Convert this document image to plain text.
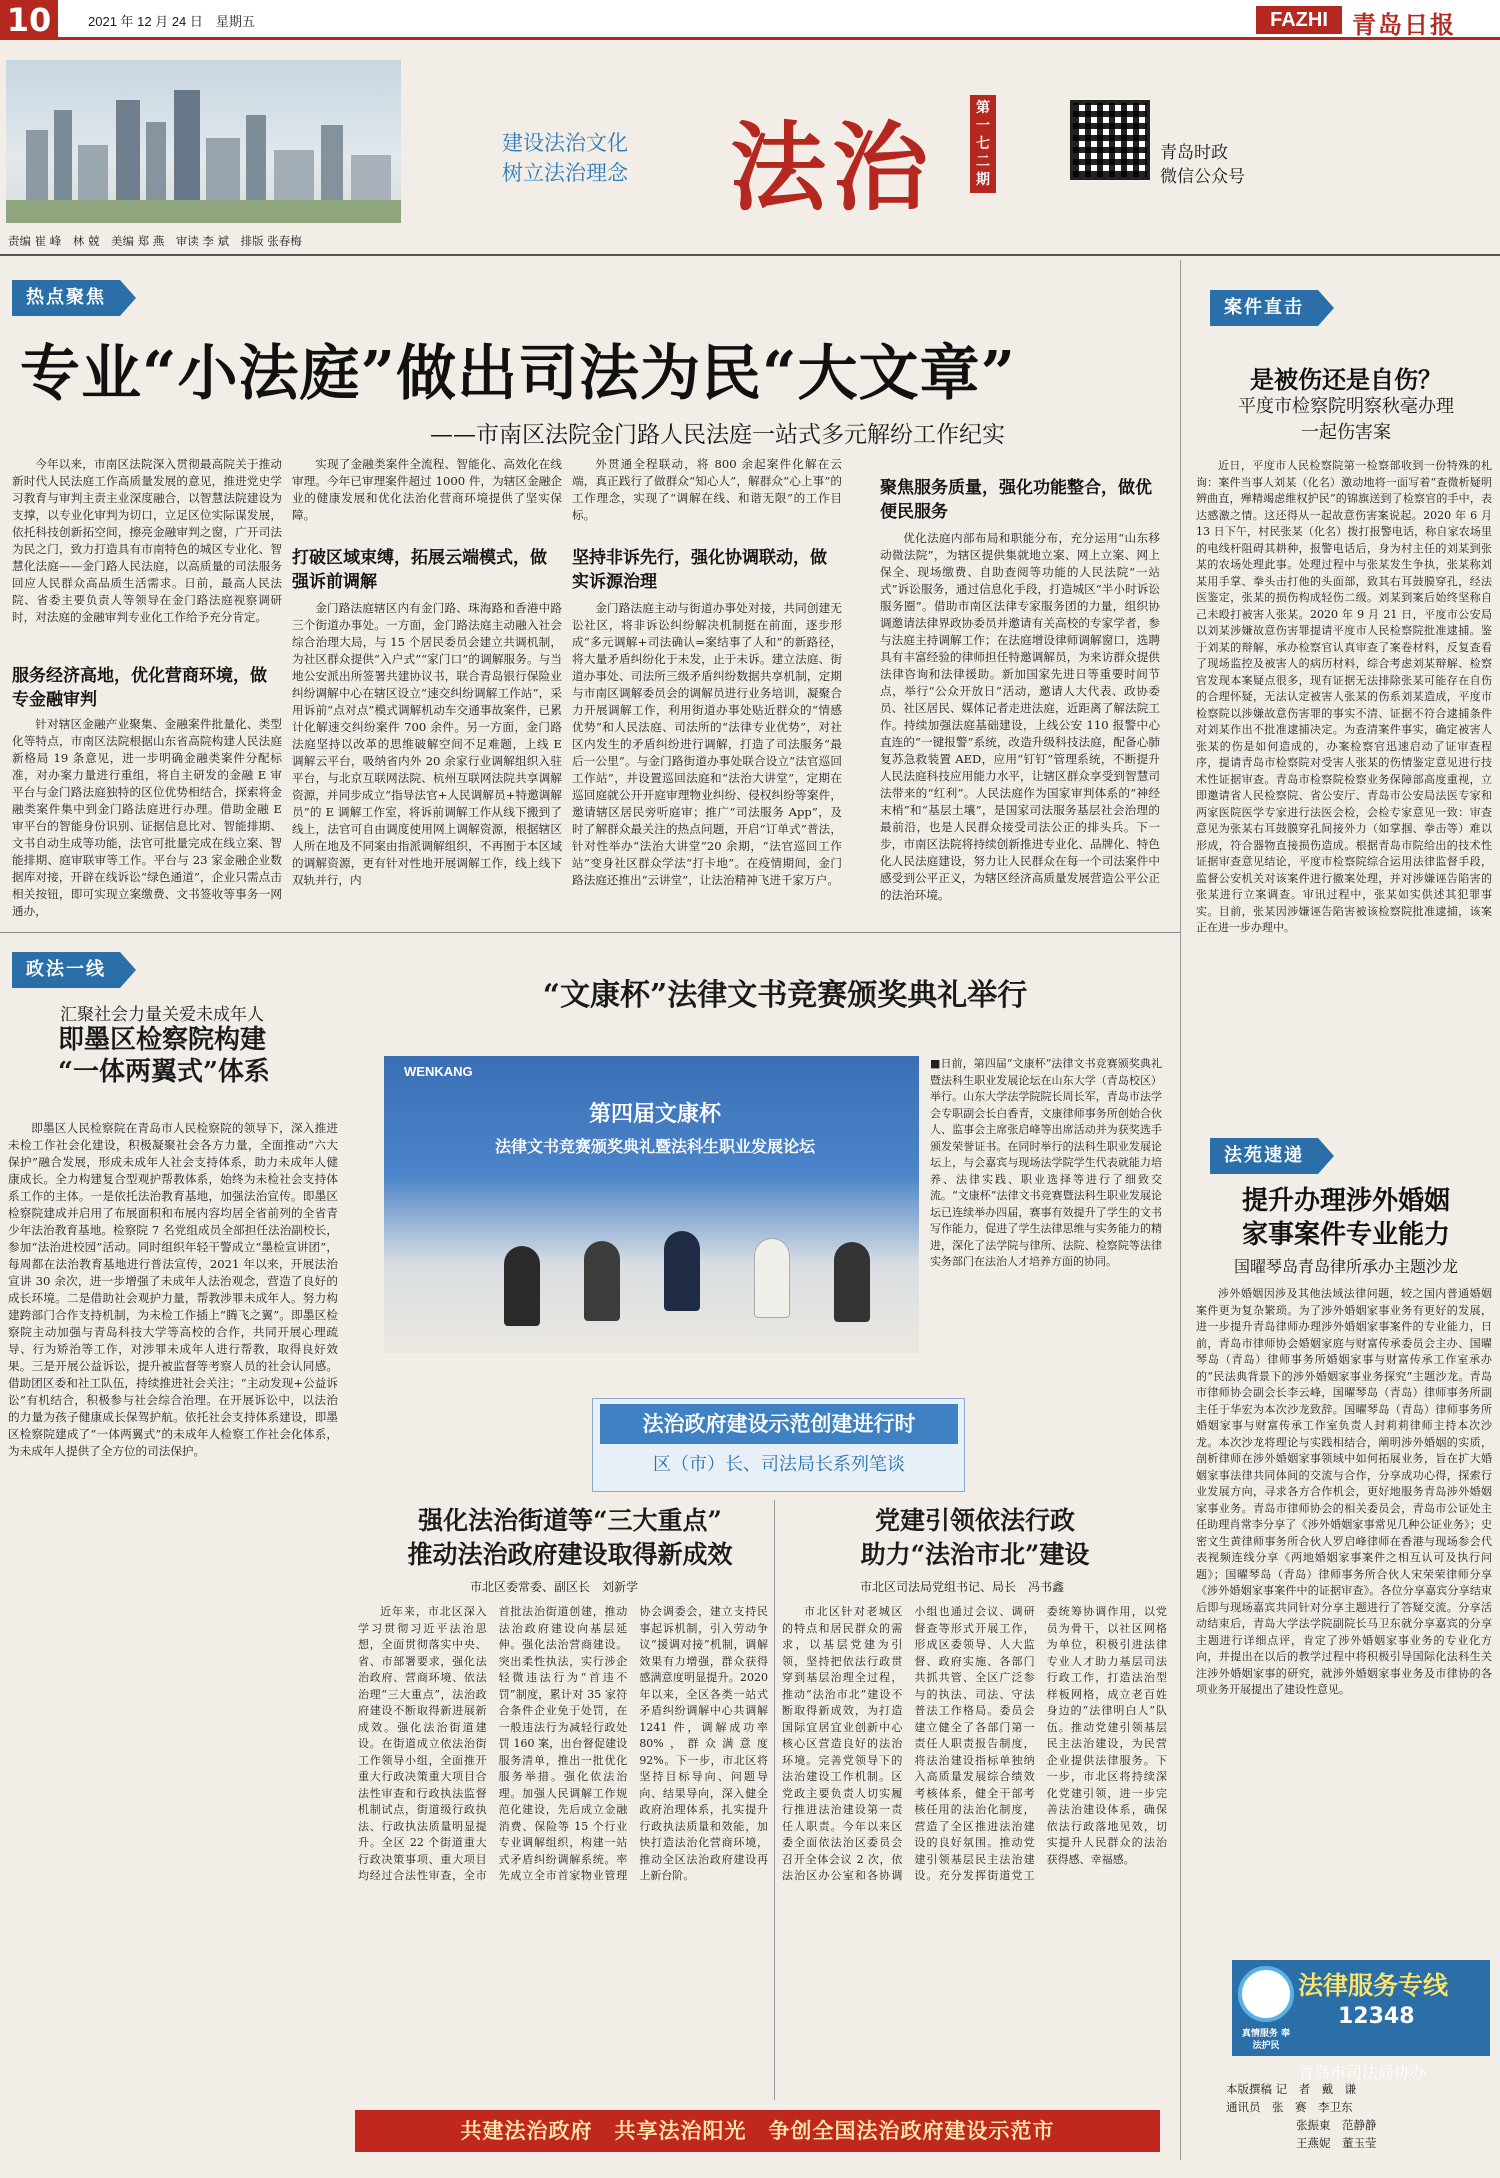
10	2021 年 12 月 24 日　星期五	FAZHI	青岛日报
建设法治文化
树立法治理念 法治
第一七二期
青岛时政
微信公众号
责编 崔 峰　林 兢　美编 郑 燕　审读 李 斌　排版 张春梅
热点聚焦
专业“小法庭”做出司法为民“大文章”
——市南区法院金门路人民法庭一站式多元解纷工作纪实
今年以来，市南区法院深入贯彻最高院关于推动新时代人民法庭工作高质量发展的意见，推进党史学习教育与审判主责主业深度融合，以智慧法院建设为支撑，以专业化审判为切口，立足区位实际谋发展，依托科技创新拓空间，擦亮金融审判之窗，广开司法为民之门，致力打造具有市南特色的城区专业化、智慧化法庭——金门路人民法庭，以高质量的司法服务回应人民群众高品质生活需求。日前，最高人民法院、省委主要负责人等领导在金门路法庭视察调研时，对法庭的金融审判专业化工作给予充分肯定。
服务经济高地，优化营商环境，做专金融审判
针对辖区金融产业聚集、金融案件批量化、类型化等特点，市南区法院根据山东省高院构建人民法庭新格局 19 条意见，进一步明确金融类案件分配标准，对办案力量进行重组，将自主研发的金融 E 审平台与金门路法庭独特的区位优势相结合，探索将金融类案件集中到金门路法庭进行办理。借助金融 E 审平台的智能身份识别、证据信息比对、智能排期、文书自动生成等功能，法官可批量完成在线立案、智能排期、庭审联审等工作。平台与 23 家金融企业数据库对接，开辟在线诉讼“绿色通道”，企业只需点击相关按钮，即可实现立案缴费、文书签收等事务一网通办，
实现了金融类案件全流程、智能化、高效化在线审理。今年已审理案件超过 1000 件，为辖区金融企业的健康发展和优化法治化营商环境提供了坚实保障。
打破区域束缚，拓展云端模式，做强诉前调解
金门路法庭辖区内有金门路、珠海路和香港中路三个街道办事处。一方面，金门路法庭主动融入社会综合治理大局，与 15 个居民委员会建立共调机制，为社区群众提供“入户式”“家门口”的调解服务。与当地公安派出所签署共建协议书，联合青岛银行保险业纠纷调解中心在辖区设立“速交纠纷调解工作站”，采用诉前“点对点”模式调解机动车交通事故案件，已累计化解速交纠纷案件 700 余件。另一方面，金门路法庭坚持以改革的思维破解空间不足难题，上线 E 调解云平台，吸纳省内外 20 余家行业调解组织入驻平台，与北京互联网法院、杭州互联网法院共享调解资源，并同步成立“指导法官+人民调解员+特邀调解员”的 E 调解工作室，将诉前调解工作从线下搬到了线上，法官可自由调度使用网上调解资源，根据辖区人所在地及不同案由指派调解组织，不再囿于本区域的调解资源，更有针对性地开展调解工作，线上线下双轨并行，内
外贯通全程联动，将 800 余起案件化解在云端，真正践行了做群众“知心人”，解群众“心上事”的工作理念，实现了“调解在线、和谐无限”的工作目标。
坚持非诉先行，强化协调联动，做实诉源治理
金门路法庭主动与街道办事处对接，共同创建无讼社区，将非诉讼纠纷解决机制挺在前面，逐步形成“多元调解+司法确认=案结事了人和”的新路径，将大量矛盾纠纷化于未发，止于未诉。建立法庭、街道办事处、司法所三级矛盾纠纷数据共享机制，定期与市南区调解委员会的调解员进行业务培训，凝聚合力开展调解工作，利用街道办事处贴近群众的“情感优势”和人民法庭、司法所的“法律专业优势”，对社区内发生的矛盾纠纷进行调解，打造了司法服务“最后一公里”。与金门路街道办事处联合设立“法官巡回工作站”，并设置巡回法庭和“法治大讲堂”，定期在巡回庭就公开开庭审理物业纠纷、侵权纠纷等案件，邀请辖区居民旁听庭审；推广“司法服务 App”，及时了解群众最关注的热点问题，开启“订单式”普法，针对性举办“法治大讲堂”20 余期，“法官巡回工作站”变身社区群众学法“打卡地”。在疫情期间，金门路法庭还推出“云讲堂”，让法治精神飞进千家万户。
聚焦服务质量，强化功能整合，做优便民服务
优化法庭内部布局和职能分布，充分运用“山东移动微法院”，为辖区提供集就地立案、网上立案、网上保全、现场缴费、自助查阅等功能的人民法院“一站式”诉讼服务，通过信息化手段，打造城区“半小时诉讼服务圈”。借助市南区法律专家服务团的力量，组织协调邀请法律界政协委员并邀请有关高校的专家学者，参与法庭主持调解工作；在法庭增设律师调解窗口，选聘具有丰富经验的律师担任特邀调解员，为来访群众提供法律咨询和法律援助。新加国家先进日等重要时间节点，举行“公众开放日”活动，邀请人大代表、政协委员、社区居民、媒体记者走进法庭，近距离了解法院工作。持续加强法庭基础建设，上线公安 110 报警中心直连的“一键报警”系统，改造升级科技法庭，配备心肺复苏急救装置 AED，应用“钉钉”管理系统，不断提升人民法庭科技应用能力水平，让辖区群众享受到智慧司法带来的“红利”。人民法庭作为国家审判体系的“神经末梢”和“基层土壤”，是国家司法服务基层社会治理的最前沿，也是人民群众接受司法公正的排头兵。下一步，市南区法院将持续创新推进专业化、品牌化、特色化人民法庭建设，努力让人民群众在每一个司法案件中感受到公平正义，为辖区经济高质量发展营造公平公正的法治环境。
政法一线
汇聚社会力量关爱未成年人
即墨区检察院构建
“一体两翼式”体系
即墨区人民检察院在青岛市人民检察院的领导下，深入推进未检工作社会化建设，积极凝聚社会各方力量，全面推动“六大保护”融合发展，形成未成年人社会支持体系，助力未成年人健康成长。全力构建复合型观护帮教体系，始终为未检社会支持体系工作的主体。一是依托法治教育基地，加强法治宣传。即墨区检察院建成并启用了布展面积和布展内容均居全省前列的全省青少年法治教育基地。检察院 7 名党组成员全部担任法治副校长，参加“法治进校园”活动。同时组织年轻干警成立“墨检宣讲团”，每周都在法治教育基地进行普法宣传，2021 年以来，开展法治宣讲 30 余次，进一步增强了未成年人法治观念，营造了良好的成长环境。二是借助社会观护力量，帮教涉罪未成年人。努力构建跨部门合作支持机制，为未检工作插上“腾飞之翼”。即墨区检察院主动加强与青岛科技大学等高校的合作，共同开展心理疏导、行为矫治等工作，对涉罪未成年人进行帮教，取得良好效果。三是开展公益诉讼，提升被监督等考察人员的社会认同感。借助团区委和社工队伍，持续推进社会关注；“主动发现+公益诉讼”有机结合，积极参与社会综合治理。在开展诉讼中，以法治的力量为孩子健康成长保驾护航。依托社会支持体系建设，即墨区检察院建成了“一体两翼式”的未成年人检察工作社会化体系，为未成年人提供了全方位的司法保护。
“文康杯”法律文书竞赛颁奖典礼举行
WENKANG
第四届文康杯
法律文书竞赛颁奖典礼暨法科生职业发展论坛
■日前，第四届“文康杯”法律文书竞赛颁奖典礼暨法科生职业发展论坛在山东大学（青岛校区）举行。山东大学法学院院长周长军，青岛市法学会专职副会长白香青，文康律师事务所创始合伙人、监事会主席张启峰等出席活动并为获奖选手颁发荣誉证书。在同时举行的法科生职业发展论坛上，与会嘉宾与现场法学院学生代表就能力培养、法律实践、职业选择等进行了细致交流。“文康杯”法律文书竞赛暨法科生职业发展论坛已连续举办四届，赛事有效提升了学生的文书写作能力，促进了学生法律思维与实务能力的精进，深化了法学院与律所、法院、检察院等法律实务部门在法治人才培养方面的协同。
法治政府建设示范创建进行时
区（市）长、司法局长系列笔谈
强化法治街道等“三大重点”
推动法治政府建设取得新成效
市北区委常委、副区长　刘新学
近年来，市北区深入学习贯彻习近平法治思想，全面贯彻落实中央、省、市部署要求，强化法治政府、营商环境、依法治理“三大重点”，法治政府建设不断取得新进展新成效。强化法治街道建设。在街道成立依法治街工作领导小组，全面推开重大行政决策重大项目合法性审查和行政执法监督机制试点，街道级行政执法、行政执法质量明显提升。全区 22 个街道重大行政决策事项、重大项目均经过合法性审查，全市首批法治街道创建，推动法治政府建设向基层延伸。强化法治营商建设。突出柔性执法，实行涉企轻微违法行为“首违不罚”制度，累计对 35 家符合条件企业免于处罚，在一般违法行为减轻行政处罚 160 案，出台督促建设服务清单，推出一批优化服务举措。强化依法治理。加强人民调解工作规范化建设，先后成立金融消费、保险等 15 个行业专业调解组织，构建一站式矛盾纠纷调解系统。率先成立全市首家物业管理协会调委会，建立支持民事起诉机制，引入劳动争议“援调对接”机制，调解效果有力增强，群众获得感满意度明显提升。2020 年以来，全区各类一站式矛盾纠纷调解中心共调解 1241 件，调解成功率 80%，群众满意度 92%。下一步，市北区将坚持目标导向、问题导向、结果导向，深入健全政府治理体系，扎实提升行政执法质量和效能，加快打造法治化营商环境，推动全区法治政府建设再上新台阶。
党建引领依法行政
助力“法治市北”建设
市北区司法局党组书记、局长　冯书鑫
市北区针对老城区的特点和居民群众的需求，以基层党建为引领，坚持把依法行政贯穿到基层治理全过程，推动“法治市北”建设不断取得新成效，为打造国际宜居宜业创新中心核心区营造良好的法治环境。完善党领导下的法治建设工作机制。区党政主要负责人切实履行推进法治建设第一责任人职责。今年以来区委全面依法治区委员会召开全体会议 2 次，依法治区办公室和各协调小组也通过会议、调研督查等形式开展工作，形成区委领导、人大监督、政府实施、各部门共抓共管、全区广泛参与的执法、司法、守法普法工作格局。委员会建立健全了各部门第一责任人职责报告制度，将法治建设指标单独纳入高质量发展综合绩效考核体系，健全干部考核任用的法治化制度，营造了全区推进法治建设的良好氛围。推动党建引领基层民主法治建设。充分发挥街道党工委统筹协调作用，以党员为骨干，以社区网格为单位，积极引进法律专业人才助力基层司法行政工作，打造法治型样板网格，成立老百姓身边的“法律明白人”队伍。推动党建引领基层民主法治建设，为民营企业提供法律服务。下一步，市北区将持续深化党建引领，进一步完善法治建设体系，确保依法行政落地见效，切实提升人民群众的法治获得感、幸福感。
共建法治政府　共享法治阳光　争创全国法治政府建设示范市
案件直击
是被伤还是自伤？
平度市检察院明察秋毫办理
一起伤害案
近日，平度市人民检察院第一检察部收到一份特殊的札询：案件当事人刘某（化名）激动地将一面写着“查微析疑明辨曲直，殚精竭虑维权护民”的锦旗送到了检察官的手中，表达感激之情。这还得从一起故意伤害案说起。2020 年 6 月 13 日下午，村民张某（化名）拨打报警电话，称自家农场里的电线杆阻碍其耕种，报警电话后，身为村主任的刘某到张某的农场处理此事。处理过程中与张某发生争执，张某称刘某用手掌、拳头击打他的头面部，致其右耳鼓膜穿孔，经法医鉴定，张某的损伤构成轻伤二级。刘某到案后始终坚称自己未殴打被害人张某。2020 年 9 月 21 日，平度市公安局以刘某涉嫌故意伤害罪提请平度市人民检察院批准逮捕。鉴于刘某的辩解，承办检察官认真审查了案卷材料，反复查看了现场监控及被害人的病历材料，综合考虑刘某辩解、检察官发现本案疑点很多，现有证据无法排除张某可能存在自伤的合理怀疑，无法认定被害人张某的伤系刘某造成，平度市检察院以涉嫌故意伤害罪的事实不清、证据不符合逮捕条件对刘某作出不批准逮捕决定。为查清案件事实，确定被害人张某的伤是如何造成的，办案检察官迅速启动了证审查程序，提请青岛市检察院对受害人张某的伤情鉴定意见进行技术性证据审查。青岛市检察院检察业务保障部高度重视，立即邀请省人民检察院、省公安厅、青岛市公安局法医专家和两家医院医学专家进行法医会检，会检专家意见一致：审查意见为张某右耳鼓膜穿孔间接外力（如掌掴、拳击等）难以形成，符合器物直接损伤造成。根据青岛市院给出的技术性证据审查意见结论，平度市检察院综合运用法律监督手段，监督公安机关对该案件进行撤案处理，并对涉嫌诬告陷害的张某进行立案调查。审讯过程中，张某如实供述其犯罪事实。目前，张某因涉嫌诬告陷害被该检察院批准逮捕，该案正在进一步办理中。
法苑速递
提升办理涉外婚姻
家事案件专业能力
国曜琴岛青岛律所承办主题沙龙
涉外婚姻因涉及其他法域法律问题，较之国内普通婚姻案件更为复杂繁琐。为了涉外婚姻家事业务有更好的发展，进一步提升青岛律师办理涉外婚姻家事案件的专业能力，日前，青岛市律师协会婚姻家庭与财富传承委员会主办、国曜琴岛（青岛）律师事务所婚姻家事与财富传承工作室承办的“民法典背景下的涉外婚姻家事业务探究”主题沙龙。青岛市律师协会副会长李云峰，国曜琴岛（青岛）律师事务所副主任于华宏为本次沙龙致辞。国曜琴岛（青岛）律师事务所婚姻家事与财富传承工作室负责人封莉莉律师主持本次沙龙。本次沙龙将理论与实践相结合，阐明涉外婚姻的实质，剖析律师在涉外婚姻家事领域中如何拓展业务，旨在扩大婚姻家事法律共同体间的交流与合作，分享成功心得，探索行业发展方向，寻求各方合作机会，更好地服务青岛涉外婚姻家事业务。青岛市律师协会的相关委员会，青岛市公证处主任助理肖常李分享了《涉外婚姻家事常见几种公证业务》；史密文生黄律师事务所合伙人罗启峰律师在香港与现场参会代表视频连线分享《两地婚姻家事案件之相互认可及执行问题》；国曜琴岛（青岛）律师事务所合伙人宋荣荣律师分享《涉外婚姻家事案件中的证据审查》。各位分享嘉宾分享结束后即与现场嘉宾共同针对分享主题进行了答疑交流。分享活动结束后，青岛大学法学院副院长马卫东就分享嘉宾的分享主题进行详细点评，肯定了涉外婚姻家事业务的专业化方向，并提出在以后的教学过程中将积极引导国际化法科生关注涉外婚姻家事的研究，就涉外婚姻家事业务及市律协的各项业务开展提出了建设性意见。
真情服务 奉法护民
法律服务专线
12348
青岛市司法局协办
本版撰稿 记　者　戴　谦
通讯员　张　赛　李卫东
张振東　范静静
王燕妮　董玉莹
